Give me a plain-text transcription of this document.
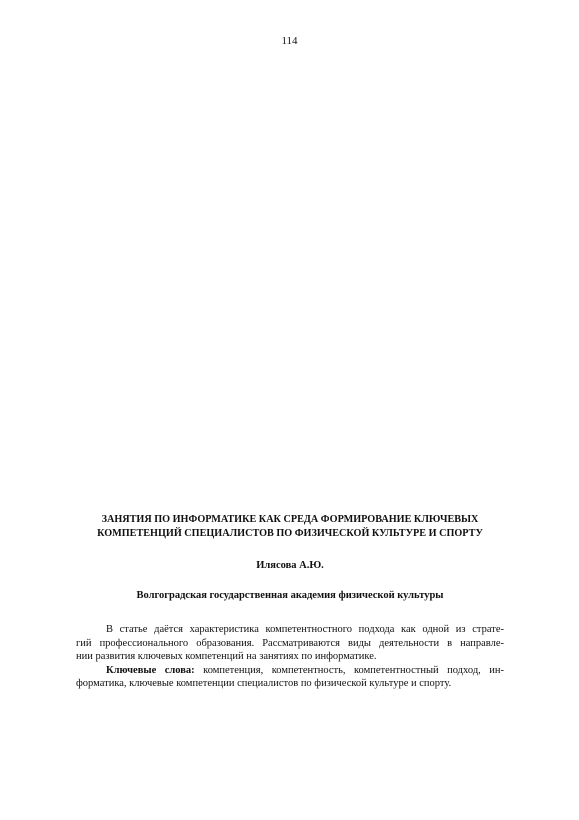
114

ЗАНЯТИЯ ПО ИНФОРМАТИКЕ КАК СРЕДА ФОРМИРОВАНИЕ КЛЮЧЕВЫХ
КОМПЕТЕНЦИЙ СПЕЦИАЛИСТОВ ПО ФИЗИЧЕСКОЙ КУЛЬТУРЕ И СПОРТУ

Илясова А.Ю.

Волгоградская государственная академия физической культуры

В статье даётся характеристика компетентностного подхода как одной из страте-
гий профессионального образования. Рассматриваются виды деятельности в направле-
нии развития ключевых компетенций на занятиях по информатике.
Ключевые слова: компетенция, компетентность, компетентностный подход, ин-
форматика, ключевые компетенции специалистов по физической культуре и спорту.
